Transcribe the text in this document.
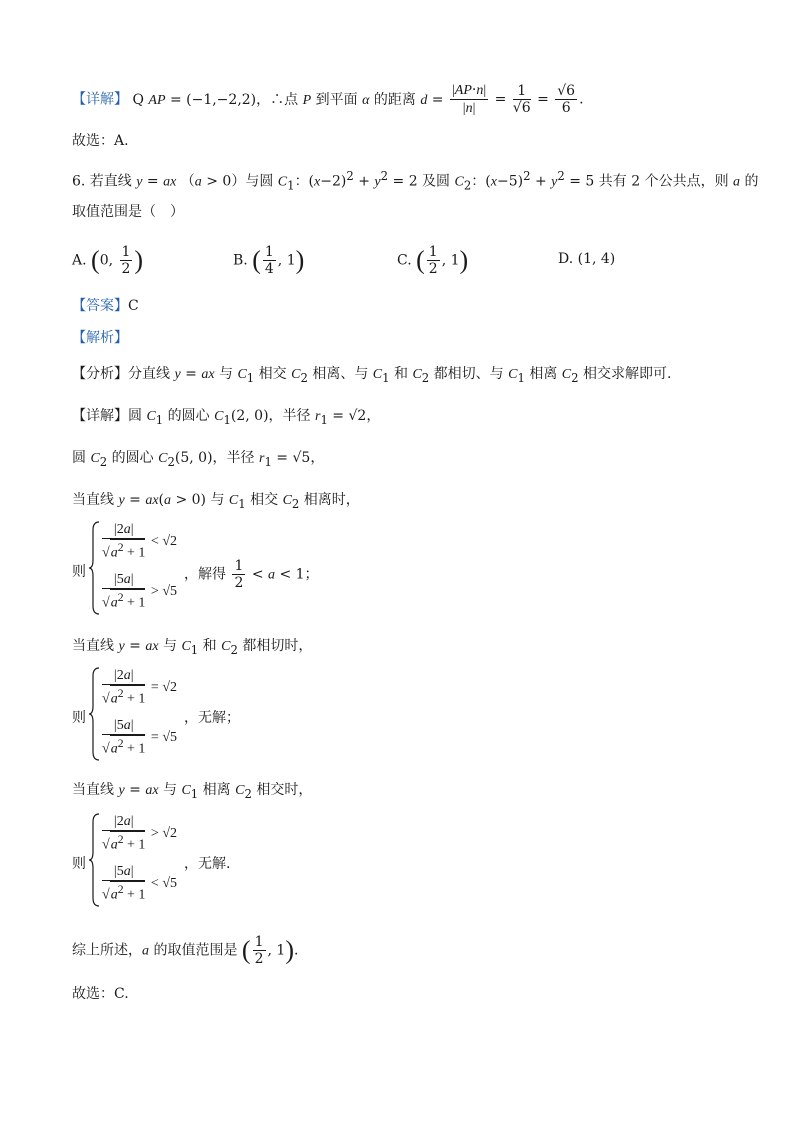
【详解】 Q AP = (−1,−2,2)，∴点 P 到平面 α 的距离 $d = \frac{|AP\cdot n|}{|n|} = \frac{1}{√6} = \frac{√6}{6}$ .
故选：A.
6. 若直线 y = ax （a > 0）与圆 $C_1$：$(x-2)^2 + y^2 = 2$ 及圆 $C_2$：$(x-5)^2 + y^2 = 5$ 共有 2 个公共点，则 a 的
取值范围是（　）
A. (0, $\frac{1}{2}$ )	B. ( $\frac{1}{4}$ , 1)	C. ( $\frac{1}{2}$ , 1)	D. (1, 4)
【答案】C
【解析】
【分析】分直线 y = ax 与 $C_1$ 相交 $C_2$ 相离、与 $C_1$ 和 $C_2$ 都相切、与 $C_1$ 相离 $C_2$ 相交求解即可.
【详解】圆 $C_1$ 的圆心 $C_1(2$, 0)，半径 $r_1 = √2$，
圆 $C_2$ 的圆心 $C_2(5$, 0)，半径 $r_1 = √5$，
当直线 y = ax(a > 0) 与 $C_1$ 相交 $C_2$ 相离时，
则
$\frac{|2a|}{√a^2 + 1} < √2$
$\frac{|5a|}{√a^2 + 1} > √5$
，解得 $\frac{1}{2} < a < 1$；
当直线 y = ax 与 $C_1$ 和 $C_2$ 都相切时，
则
$\frac{|2a|}{√a^2 + 1} = √2$
$\frac{|5a|}{√a^2 + 1} = √5$
，无解；
当直线 y = ax 与 $C_1$ 相离 $C_2$ 相交时，
则
$\frac{|2a|}{√a^2 + 1} > √2$
$\frac{|5a|}{√a^2 + 1} < √5$
，无解.
综上所述，a 的取值范围是 ( $\frac{1}{2}$ , 1).
故选：C.
